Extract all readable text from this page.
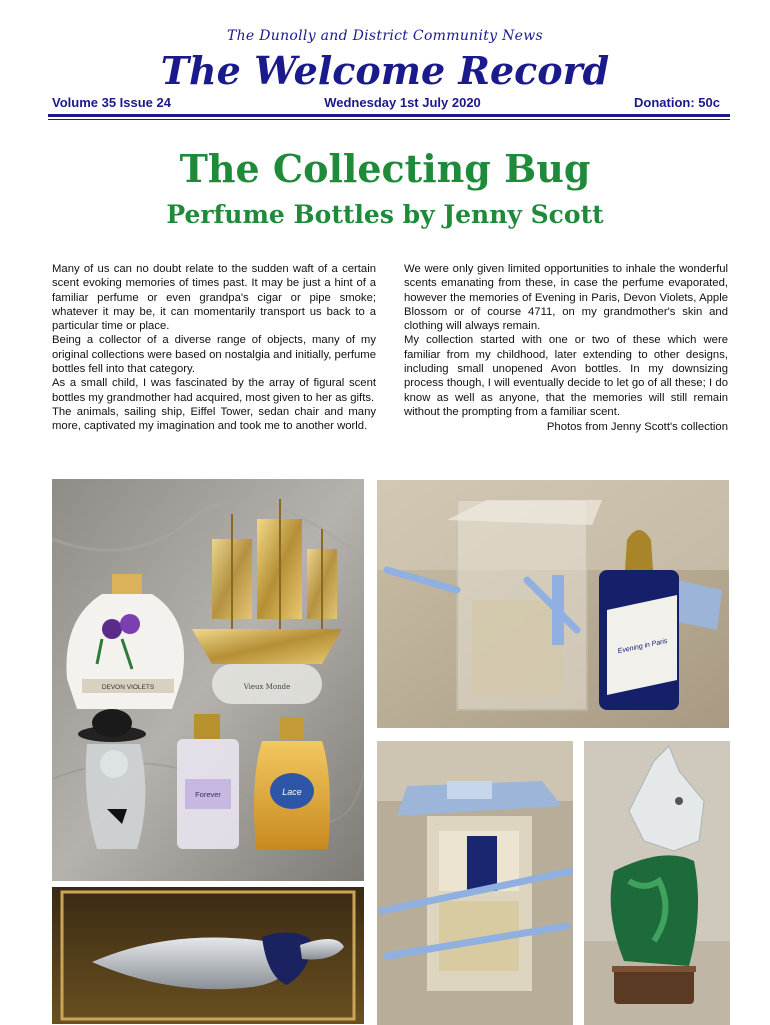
The Dunolly and District Community News
The Welcome Record
Volume 35 Issue 24	Wednesday 1st July 2020	Donation: 50c
The Collecting Bug
Perfume Bottles by Jenny Scott

Many of us can no doubt relate to the sudden waft of a certain scent evoking memories of times past. It may be just a hint of a familiar perfume or even grandpa's cigar or pipe smoke; whatever it may be, it can momentarily transport us back to a particular time or place.

Being a collector of a diverse range of objects, many of my original collections were based on nostalgia and initially, perfume bottles fell into that category.

As a small child, I was fascinated by the array of figural scent bottles my grandmother had acquired, most given to her as gifts.

The animals, sailing ship, Eiffel Tower, sedan chair and many more, captivated my imagination and took me to another world.

We were only given limited opportunities to inhale the wonderful scents emanating from these, in case the perfume evaporated, however the memories of Evening in Paris, Devon Violets, Apple Blossom or of course 4711, on my grandmother's skin and clothing will always remain.

My collection started with one or two of these which were familiar from my childhood, later extending to other designs, including small unopened Avon bottles. In my downsizing process though, I will eventually decide to let go of all these; I do know as well as anyone, that the memories will still remain without the prompting from a familiar scent.

Photos from Jenny Scott's collection

Vieux Monde
DEVON VIOLETS
Forever	Lace
Evening in Paris
